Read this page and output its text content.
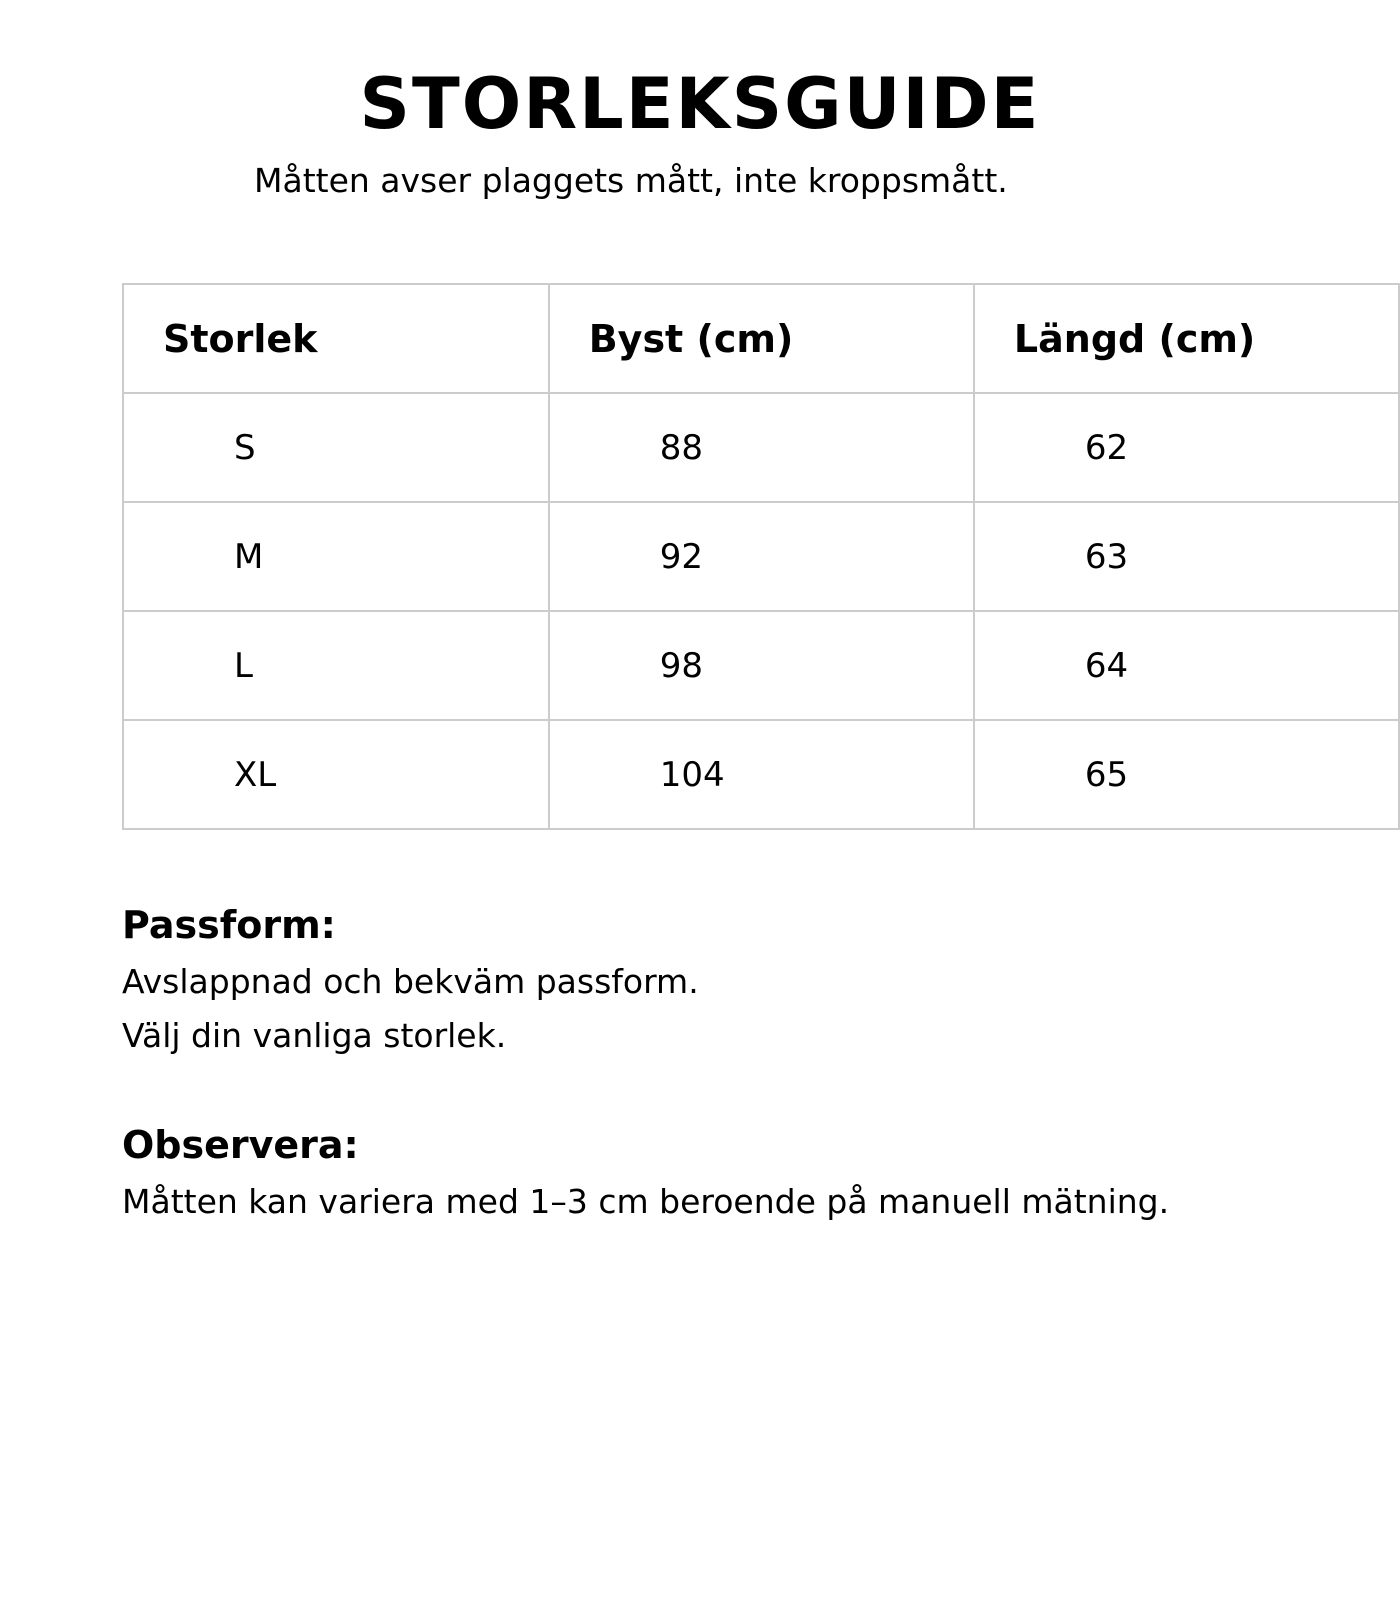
STORLEKSGUIDE

Måtten avser plaggets mått, inte kroppsmått.

Storlek	Byst (cm)	Längd (cm)
S	88	62
M	92	63
L	98	64
XL	104	65
Passform:

Avslappnad och bekväm passform.

Välj din vanliga storlek.

Observera:

Måtten kan variera med 1–3 cm beroende på manuell mätning.
